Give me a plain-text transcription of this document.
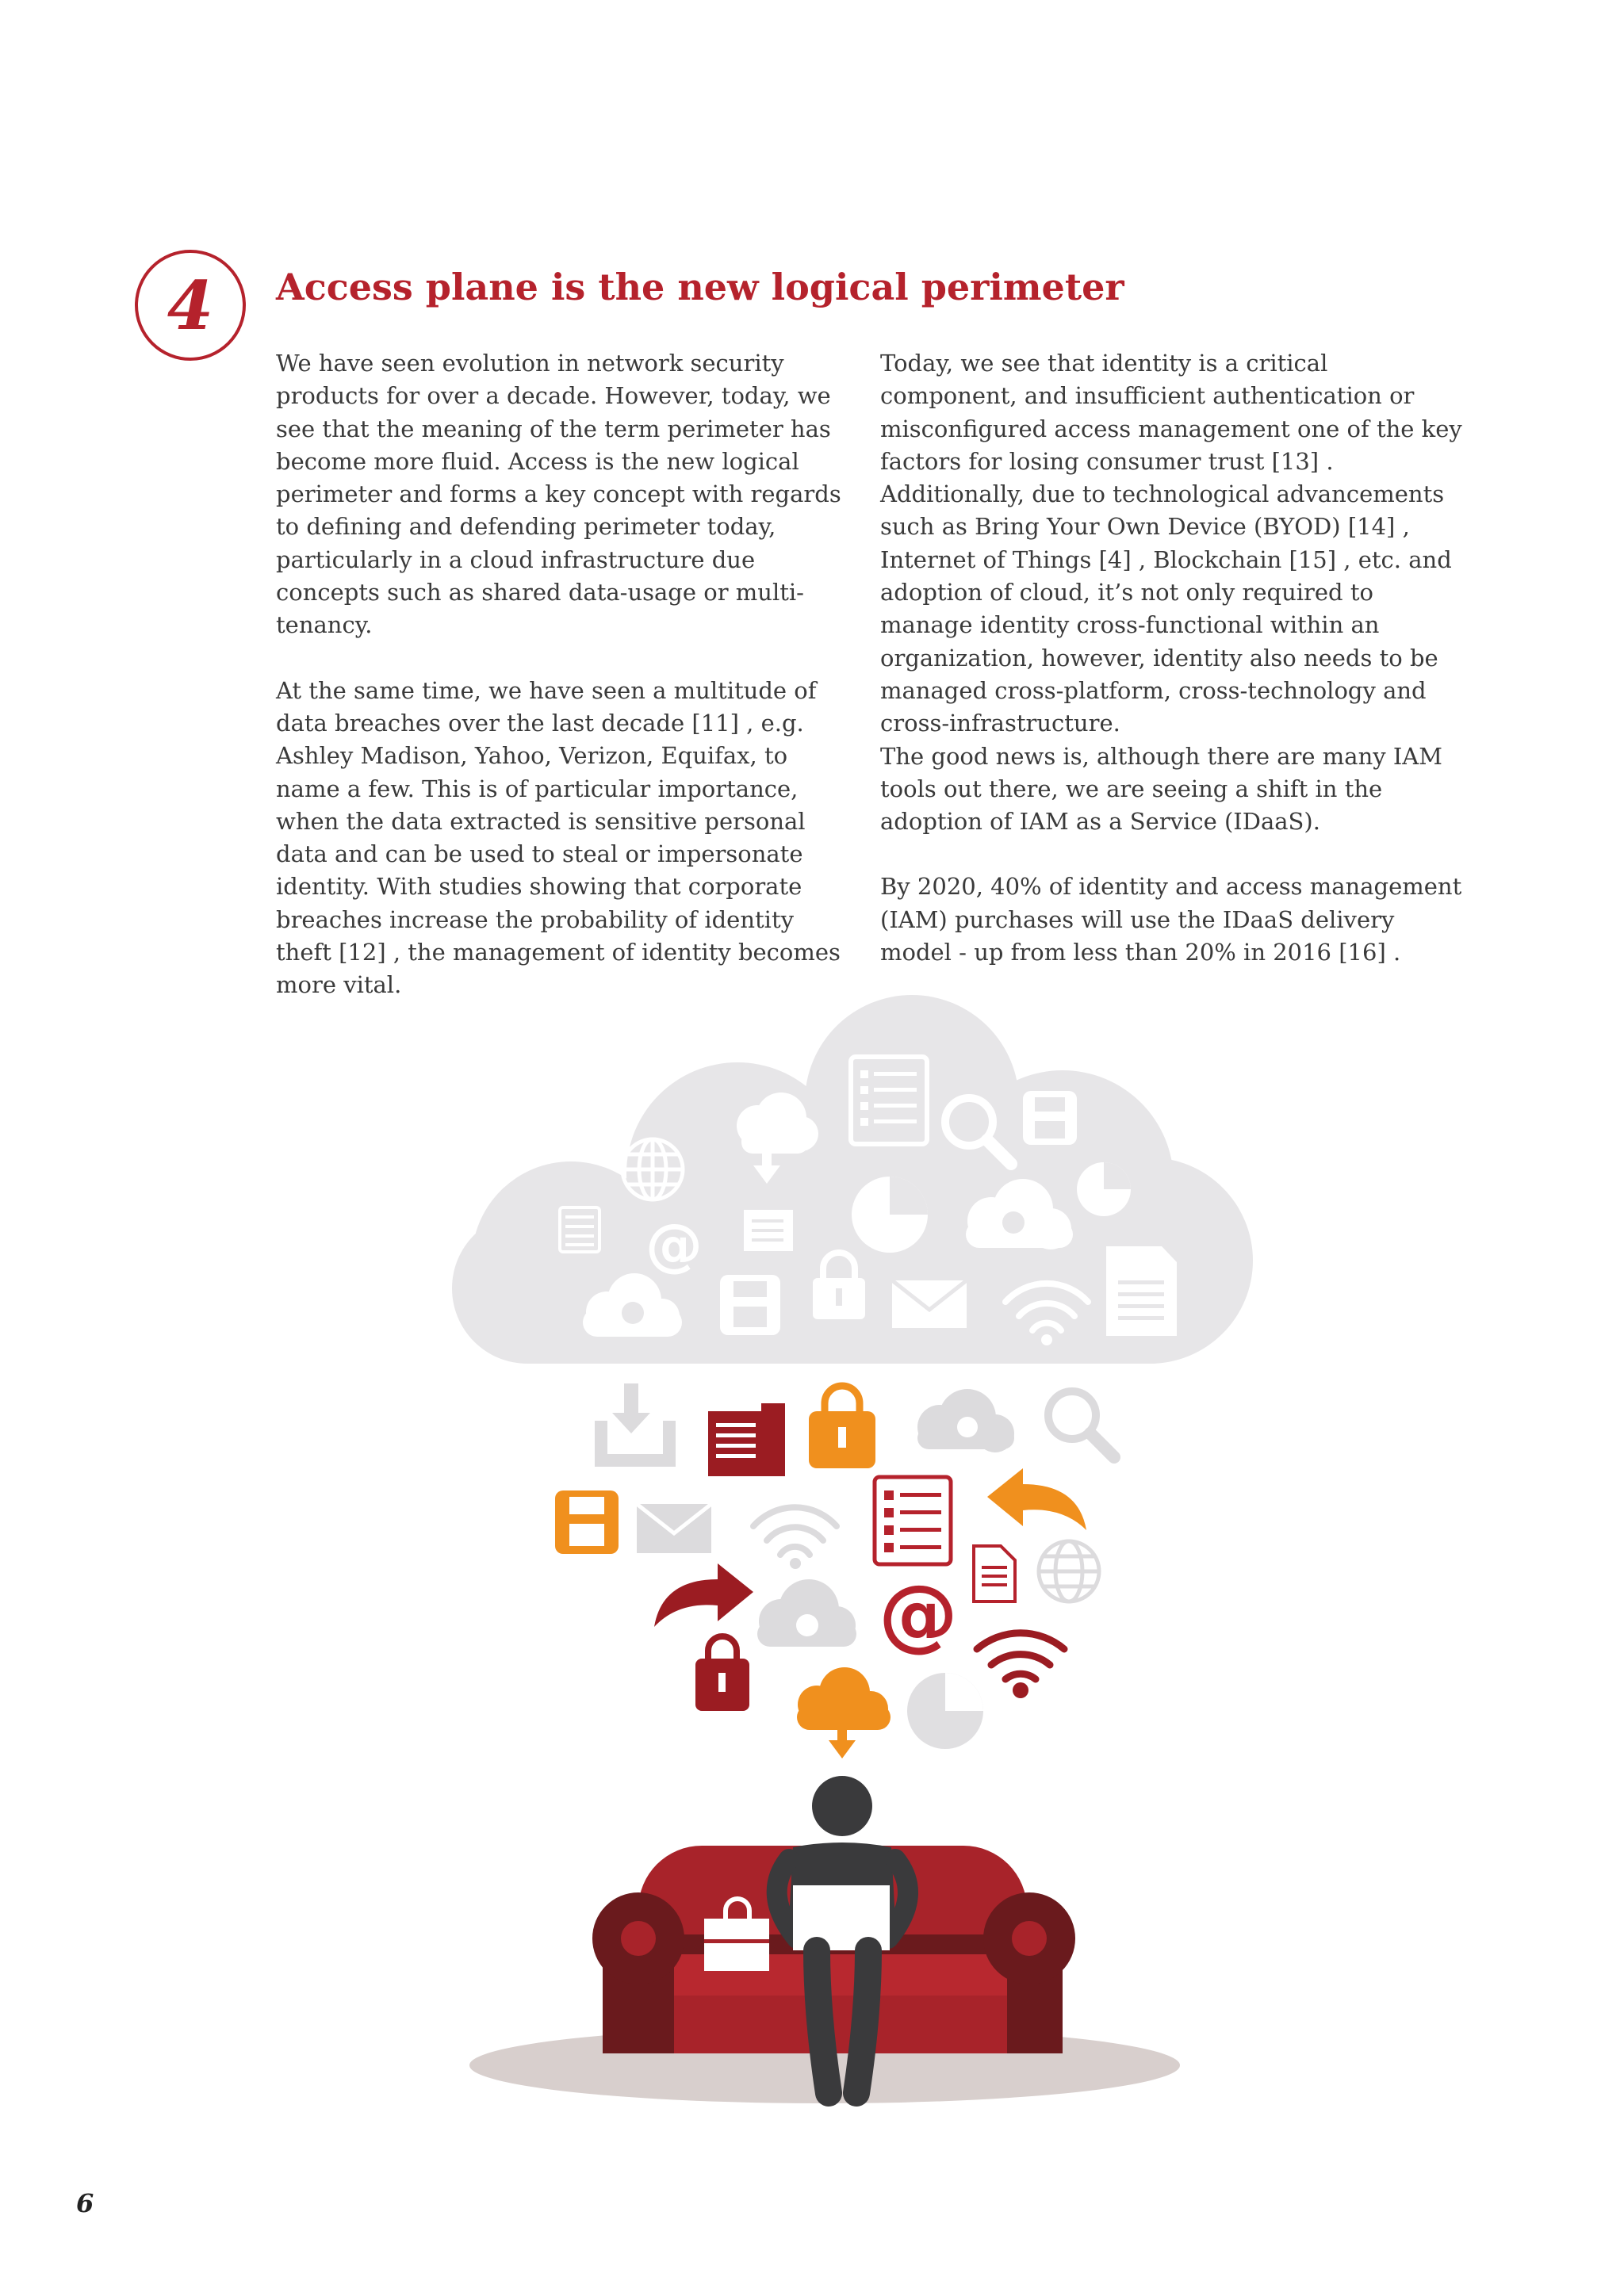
4	Access plane is the new logical perimeter

We have seen evolution in network security products for over a decade. However, today, we see that the meaning of the term perimeter has become more fluid. Access is the new logical perimeter and forms a key concept with regards to defining and defending perimeter today, particularly in a cloud infrastructure due concepts such as shared data-usage or multi-tenancy.

At the same time, we have seen a multitude of data breaches over the last decade [11] , e.g. Ashley Madison, Yahoo, Verizon, Equifax, to name a few. This is of particular importance, when the data extracted is sensitive personal data and can be used to steal or impersonate identity. With studies showing that corporate breaches increase the probability of identity theft [12] , the management of identity becomes more vital.

Today, we see that identity is a critical component, and insufficient authentication or misconfigured access management one of the key factors for losing consumer trust [13] . Additionally, due to technological advancements such as Bring Your Own Device (BYOD) [14] , Internet of Things [4] , Blockchain [15] , etc. and adoption of cloud, it’s not only required to manage identity cross-functional within an organization, however, identity also needs to be managed cross-platform, cross-technology and cross-infrastructure.

The good news is, although there are many IAM tools out there, we are seeing a shift in the adoption of IAM as a Service (IDaaS).

By 2020, 40% of identity and access management (IAM) purchases will use the IDaaS delivery model - up from less than 20% in 2016 [16] .

@
@
6
